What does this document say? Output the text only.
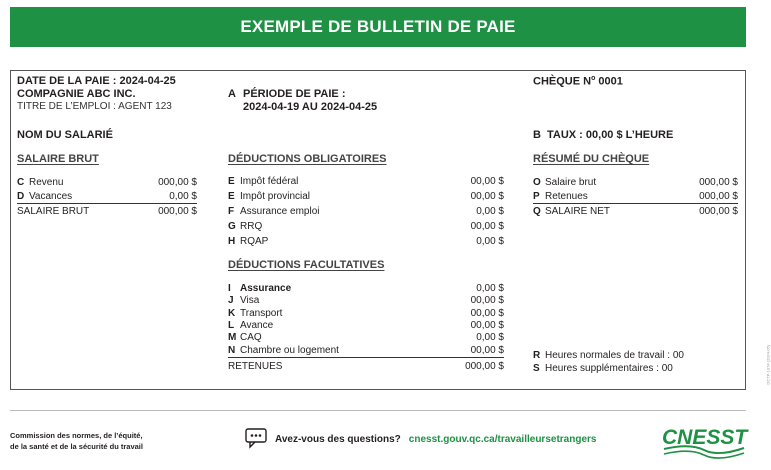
EXEMPLE DE BULLETIN DE PAIE
DATE DE LA PAIE : 2024-04-25
COMPAGNIE ABC INC.
TITRE DE L’EMPLOI : AGENT 123
A PÉRIODE DE PAIE :
2024-04-19 AU 2024-04-25
CHÈQUE $N^o$ 0001
NOM DU SALARIÉ	B TAUX : 00,00 $ L’HEURE
SALAIRE BRUT
C Revenu	000,00 $
D Vacances	0,00 $
SALAIRE BRUT	000,00 $
DÉDUCTIONS OBLIGATOIRES
E Impôt fédéral	00,00 $
E Impôt provincial	00,00 $
F Assurance emploi	0,00 $
G RRQ	00,00 $
H RQAP	0,00 $
DÉDUCTIONS FACULTATIVES
I Assurance	0,00 $
J Visa	00,00 $
K Transport	00,00 $
L Avance	00,00 $
M CAQ	0,00 $
N Chambre ou logement	00,00 $
RETENUES	000,00 $
RÉSUMÉ DU CHÈQUE
O Salaire brut	000,00 $
P Retenues	000,00 $
Q SALAIRE NET	000,00 $
R Heures normales de travail : 00
S Heures supplémentaires : 00	DCTP-1074 (2024-05)
Commission des normes, de l’équité,
de la santé et de la sécurité du travail
Avez-vous des questions? cnesst.gouv.qc.ca/travailleursetrangers	CNESST
